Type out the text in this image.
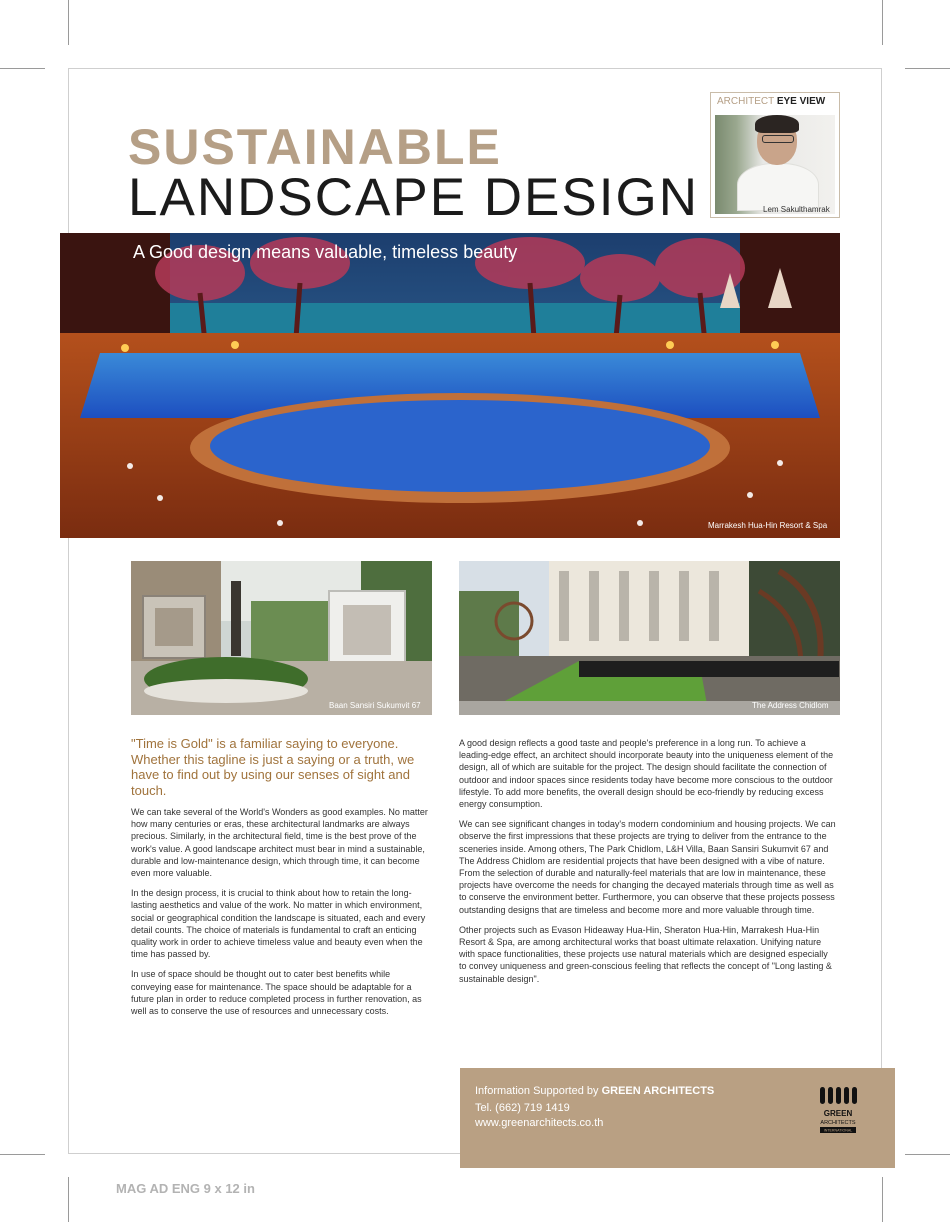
SUSTAINABLE
LANDSCAPE DESIGN
ARCHITECT EYE VIEW
Lem Sakulthamrak
A Good design means valuable, timeless beauty
Marrakesh Hua-Hin Resort & Spa
Baan Sansiri Sukumvit 67	The Address Chidlom
"Time is Gold" is a familiar saying to everyone. Whether this tagline is just a saying or a truth, we have to find out by using our senses of sight and touch.

We can take several of the World's Wonders as good examples. No matter how many centuries or eras, these architectural landmarks are always precious. Similarly, in the architectural field, time is the best prove of the work's value. A good landscape architect must bear in mind a sustainable, durable and low-maintenance design, which through time, it can become even more valuable.

In the design process, it is crucial to think about how to retain the long-lasting aesthetics and value of the work. No matter in which environment, social or geographical condition the landscape is situated, each and every detail counts. The choice of materials is fundamental to craft an enticing quality work in order to achieve timeless value and beauty even when the time has passed by.

In use of space should be thought out to cater best benefits while conveying ease for maintenance. The space should be adaptable for a future plan in order to reduce completed process in further renovation, as well as to conserve the use of resources and unnecessary costs.

A good design reflects a good taste and people's preference in a long run. To achieve a leading-edge effect, an architect should incorporate beauty into the uniqueness element of the design, all of which are suitable for the project. The design should facilitate the connection of outdoor and indoor spaces since residents today have become more conscious to the outdoor lifestyle. To add more benefits, the overall design should be eco-friendly by reducing excess energy consumption.

We can see significant changes in today's modern condominium and housing projects. We can observe the first impressions that these projects are trying to deliver from the entrance to the sceneries inside. Among others, The Park Chidlom, L&H Villa, Baan Sansiri Sukumvit 67 and The Address Chidlom are residential projects that have been designed with a vibe of nature. From the selection of durable and naturally-feel materials that are low in maintenance, these projects have overcome the needs for changing the decayed materials through time as well as to conserve the environment better. Furthermore, you can observe that these projects possess outstanding designs that are timeless and become more and more valuable through time.

Other projects such as Evason Hideaway Hua-Hin, Sheraton Hua-Hin, Marrakesh Hua-Hin Resort & Spa, are among architectural works that boast ultimate relaxation. Unifying nature with space functionalities, these projects use natural materials which are designed especially to convey uniqueness and green-conscious feeling that reflects the concept of "Long lasting & sustainable design".

Information Supported by GREEN ARCHITECTS
Tel. (662) 719 1419
www.greenarchitects.co.th
GREEN
ARCHITECTS
INTERNATIONAL
MAG AD ENG 9 x 12 in
